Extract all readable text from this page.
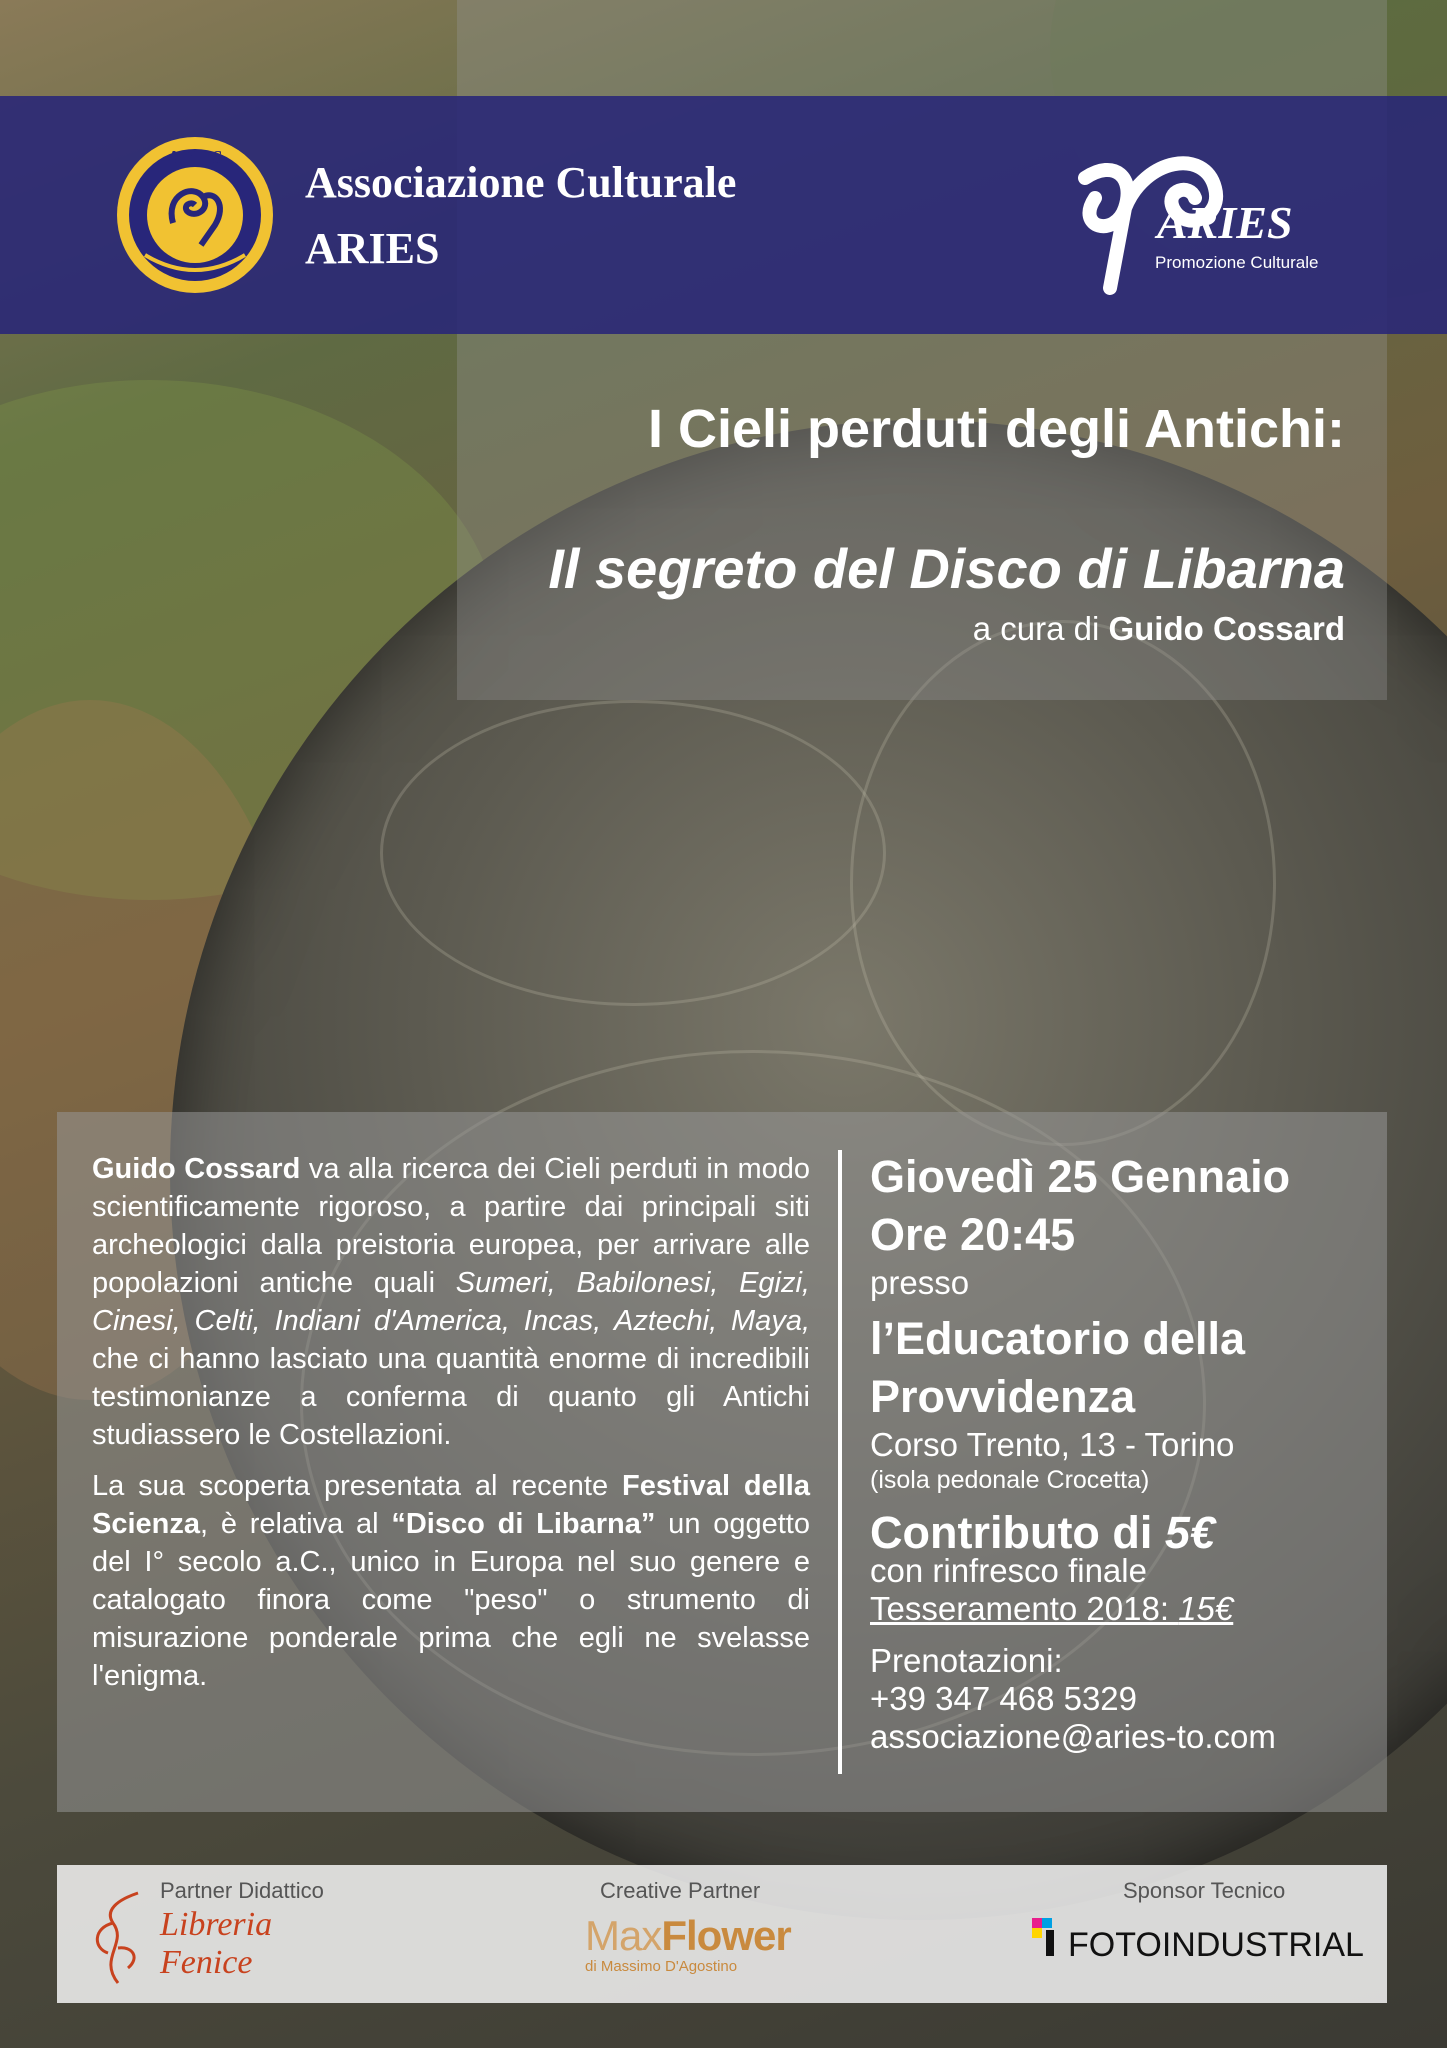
ARIES
Associazione Culturale
ARIES
ARIES
Promozione Culturale
I Cieli perduti degli Antichi:
Il segreto del Disco di Libarna
a cura di Guido Cossard

Guido Cossard va alla ricerca dei Cieli perduti in modo scientificamente rigoroso, a partire dai principali siti archeologici dalla preistoria europea, per arrivare alle popolazioni antiche quali Sumeri, Babilonesi, Egizi, Cinesi, Celti, Indiani d'America, Incas, Aztechi, Maya, che ci hanno lasciato una quantità enorme di incredibili testimonianze a conferma di quanto gli Antichi studiassero le Costellazioni.

La sua scoperta presentata al recente Festival della Scienza, è relativa al “Disco di Libarna” un oggetto del I° secolo a.C., unico in Europa nel suo genere e catalogato finora come "peso" o strumento di misurazione ponderale prima che egli ne svelasse l'enigma.

Giovedì 25 Gennaio
Ore 20:45
presso
l’Educatorio della Provvidenza
Corso Trento, 13 - Torino
(isola pedonale Crocetta)
Contributo di 5€
con rinfresco finale
Tesseramento 2018: 15€
Prenotazioni:
+39 347 468 5329
associazione@aries-to.com
Partner Didattico
Libreria
Fenice
Creative Partner
MaxFlower
di Massimo D'Agostino
Sponsor Tecnico
FOTOINDUSTRIAL
